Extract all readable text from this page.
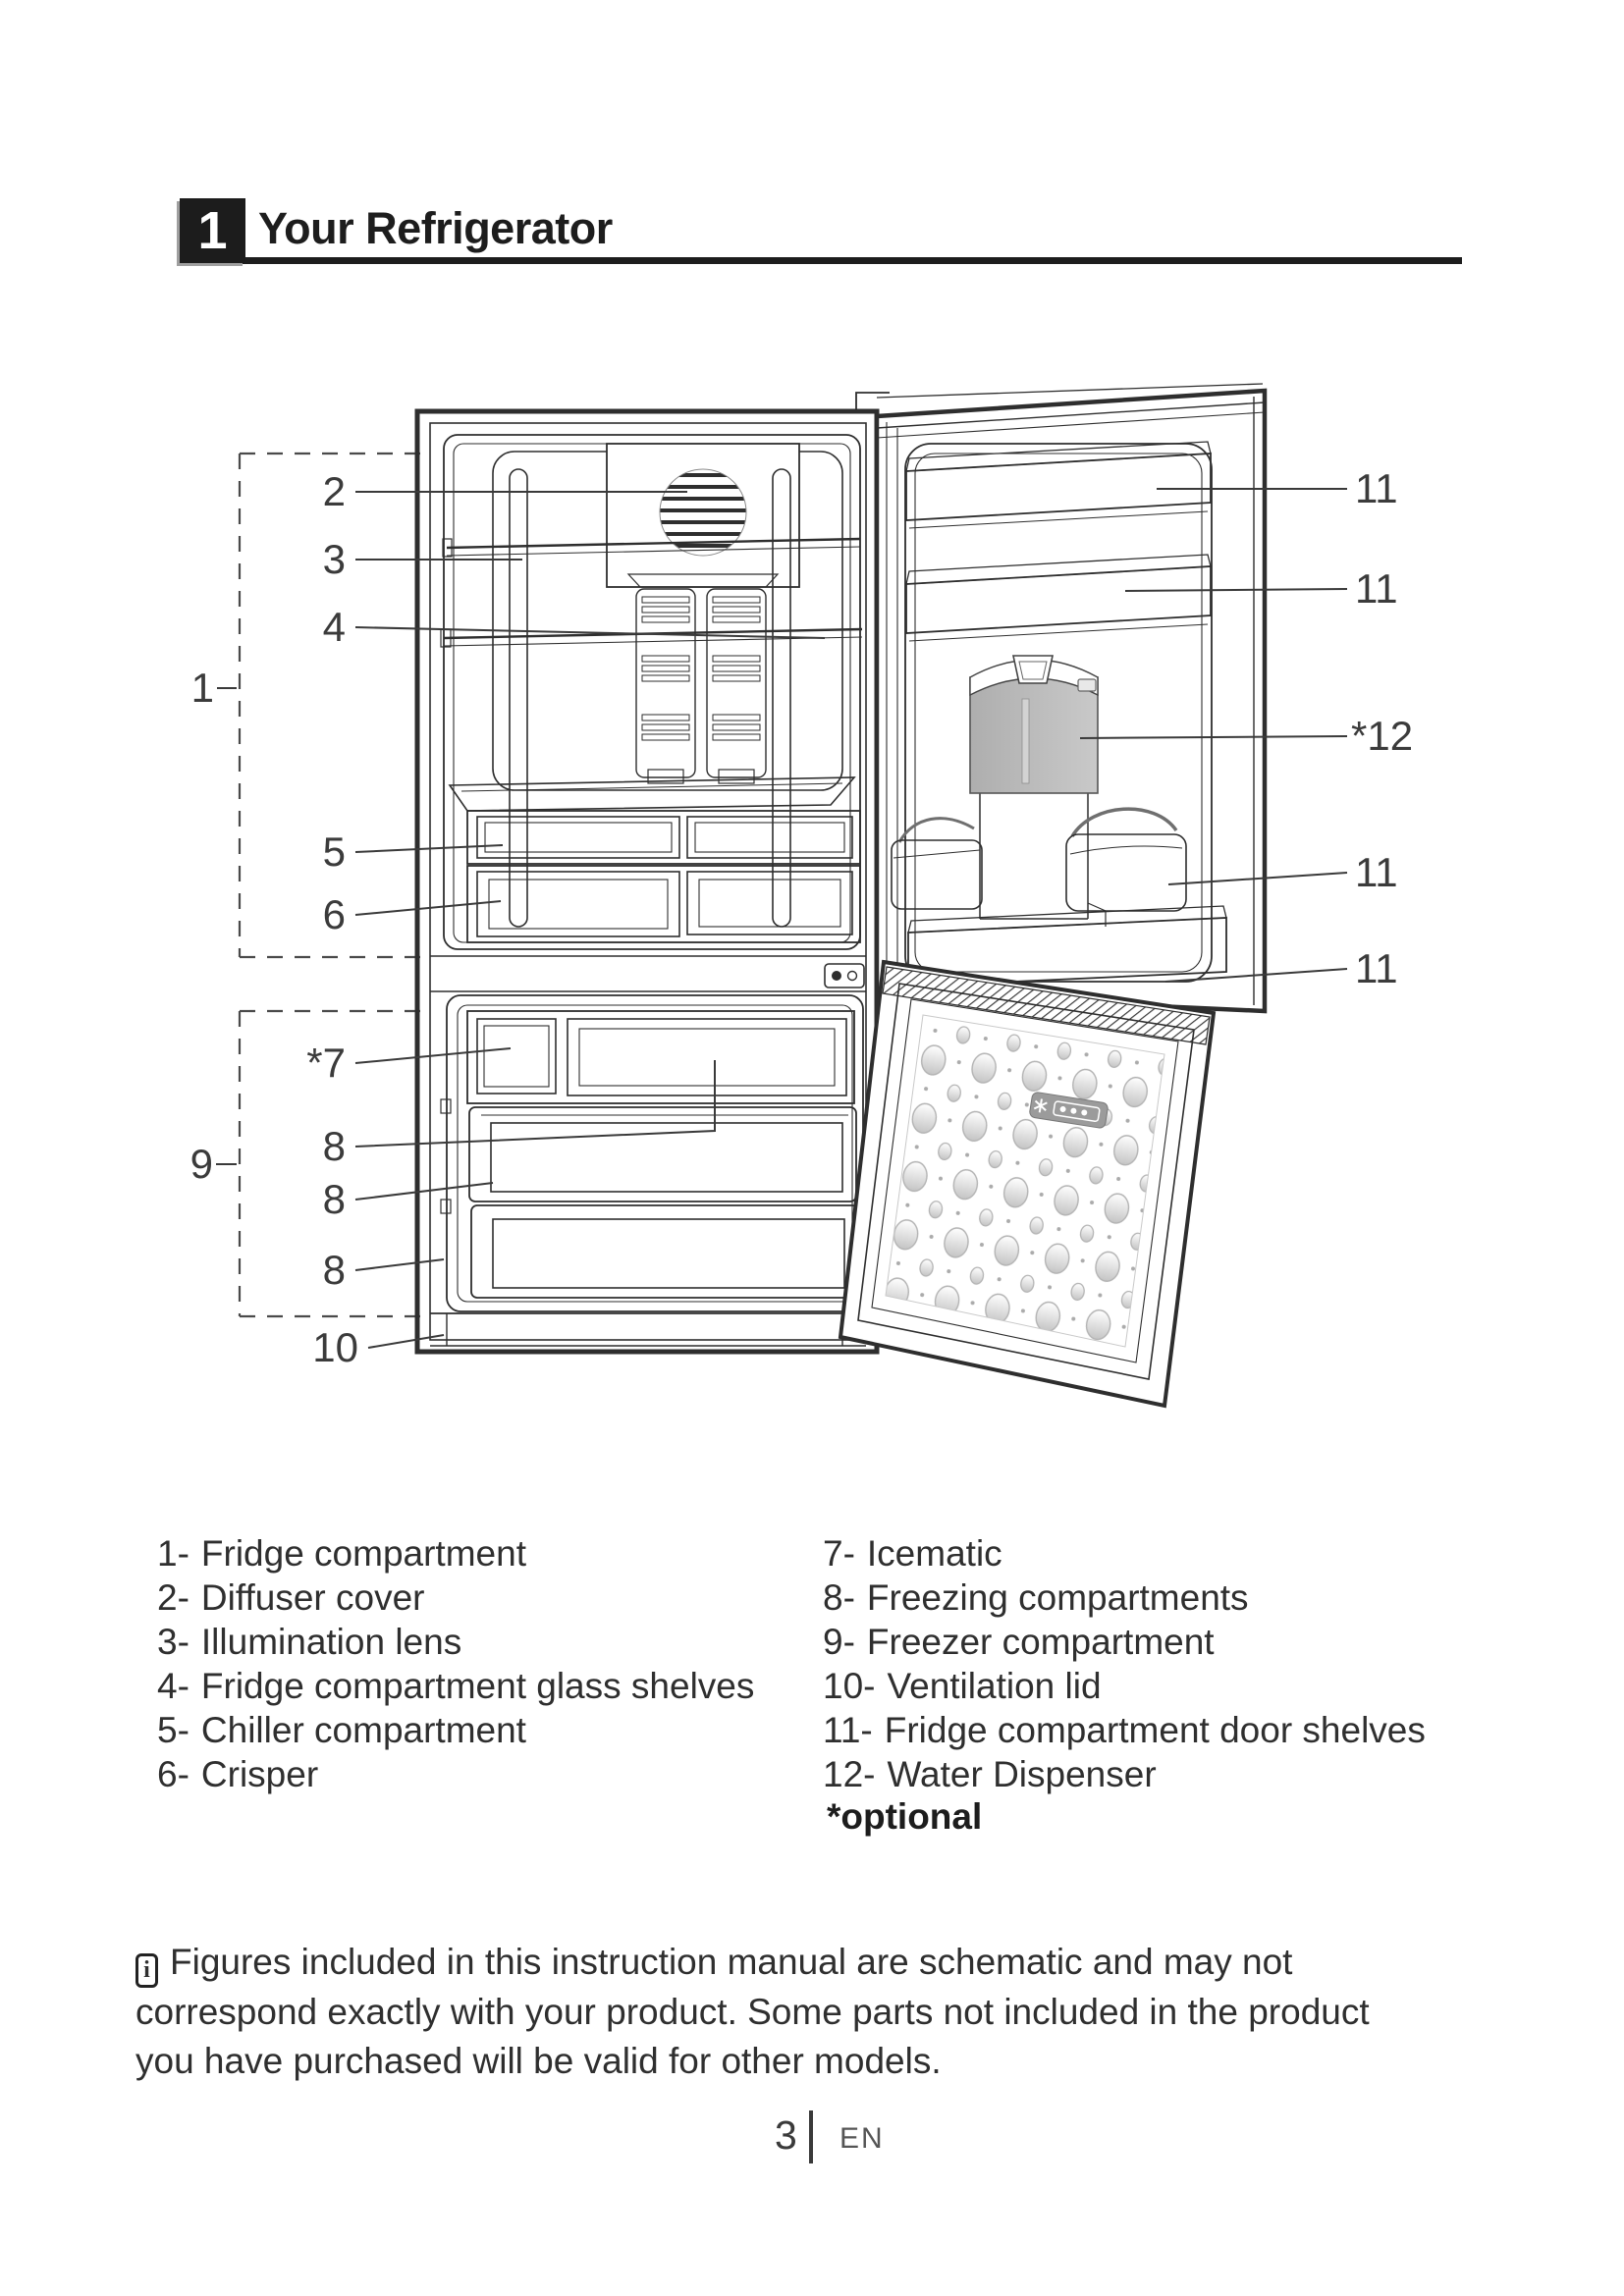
1 Your Refrigerator
2
3
4
1
5
6
*7
8
8
8
9
10
11
11
*12
11
11
1- Fridge compartment
2- Diffuser cover
3- Illumination lens
4- Fridge compartment glass shelves
5- Chiller compartment
6- Crisper
7- Icematic
8- Freezing compartments
9- Freezer compartment
10- Ventilation lid
11- Fridge compartment door shelves
12- Water Dispenser
*optional
i Figures included in this instruction manual are schematic and may not
correspond exactly with your product. Some parts not included in the product
you have purchased will be valid for other models.
3 EN
